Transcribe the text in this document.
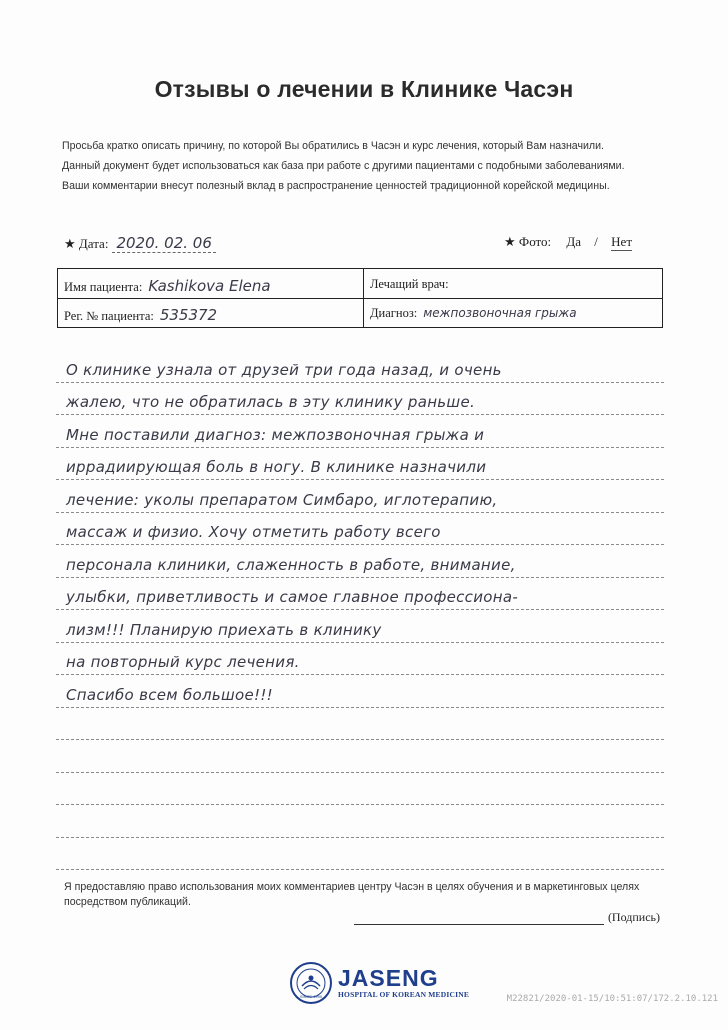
Отзывы о лечении в Клинике Часэн
Просьба кратко описать причину, по которой Вы обратились в Часэн и курс лечения, который Вам назначили.
Данный документ будет использоваться как база при работе с другими пациентами с подобными заболеваниями.
Ваши комментарии внесут полезный вклад в распространение ценностей традиционной корейской медицины.
★ Дата: 2020. 02. 06	★ Фото: Да / Нет
Имя пациента: Kashikova Elena	Лечащий врач:
Рег. № пациента: 535372	Диагноз: межпозвоночная грыжа
О клинике узнала от друзей три года назад, и очень
жалею, что не обратилась в эту клинику раньше.
Мне поставили диагноз: межпозвоночная грыжа и
иррадиирующая боль в ногу. В клинике назначили
лечение: уколы препаратом Симбаро, иглотерапию,
массаж и физио. Хочу отметить работу всего
персонала клиники, слаженность в работе, внимание,
улыбки, приветливость и самое главное профессиона-
лизм!!! Планирую приехать в клинику
на повторный курс лечения.
Спасибо всем большое!!!
Я предоставляю право использования моих комментариев центру Часэн в целях обучения и в маркетинговых целях посредством публикаций.
(Подпись)
SINCE 1990
JASENG
HOSPITAL OF KOREAN MEDICINE	M22821/2020-01-15/10:51:07/172.2.10.121
